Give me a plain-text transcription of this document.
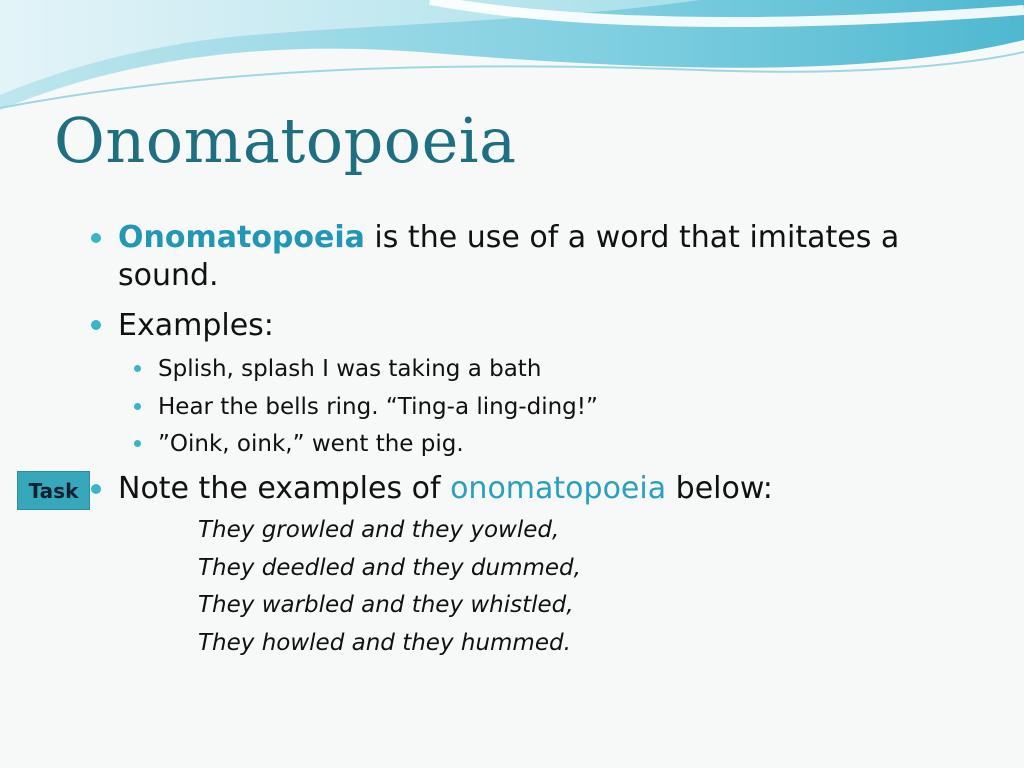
Onomatopoeia
Onomatopoeia is the use of a word that imitates a sound.
Examples:
Splish, splash I was taking a bath
Hear the bells ring. “Ting-a ling-ding!”
”Oink, oink,” went the pig.
Task	Note the examples of onomatopoeia below:
They growled and they yowled,
They deedled and they dummed,
They warbled and they whistled,
They howled and they hummed.
